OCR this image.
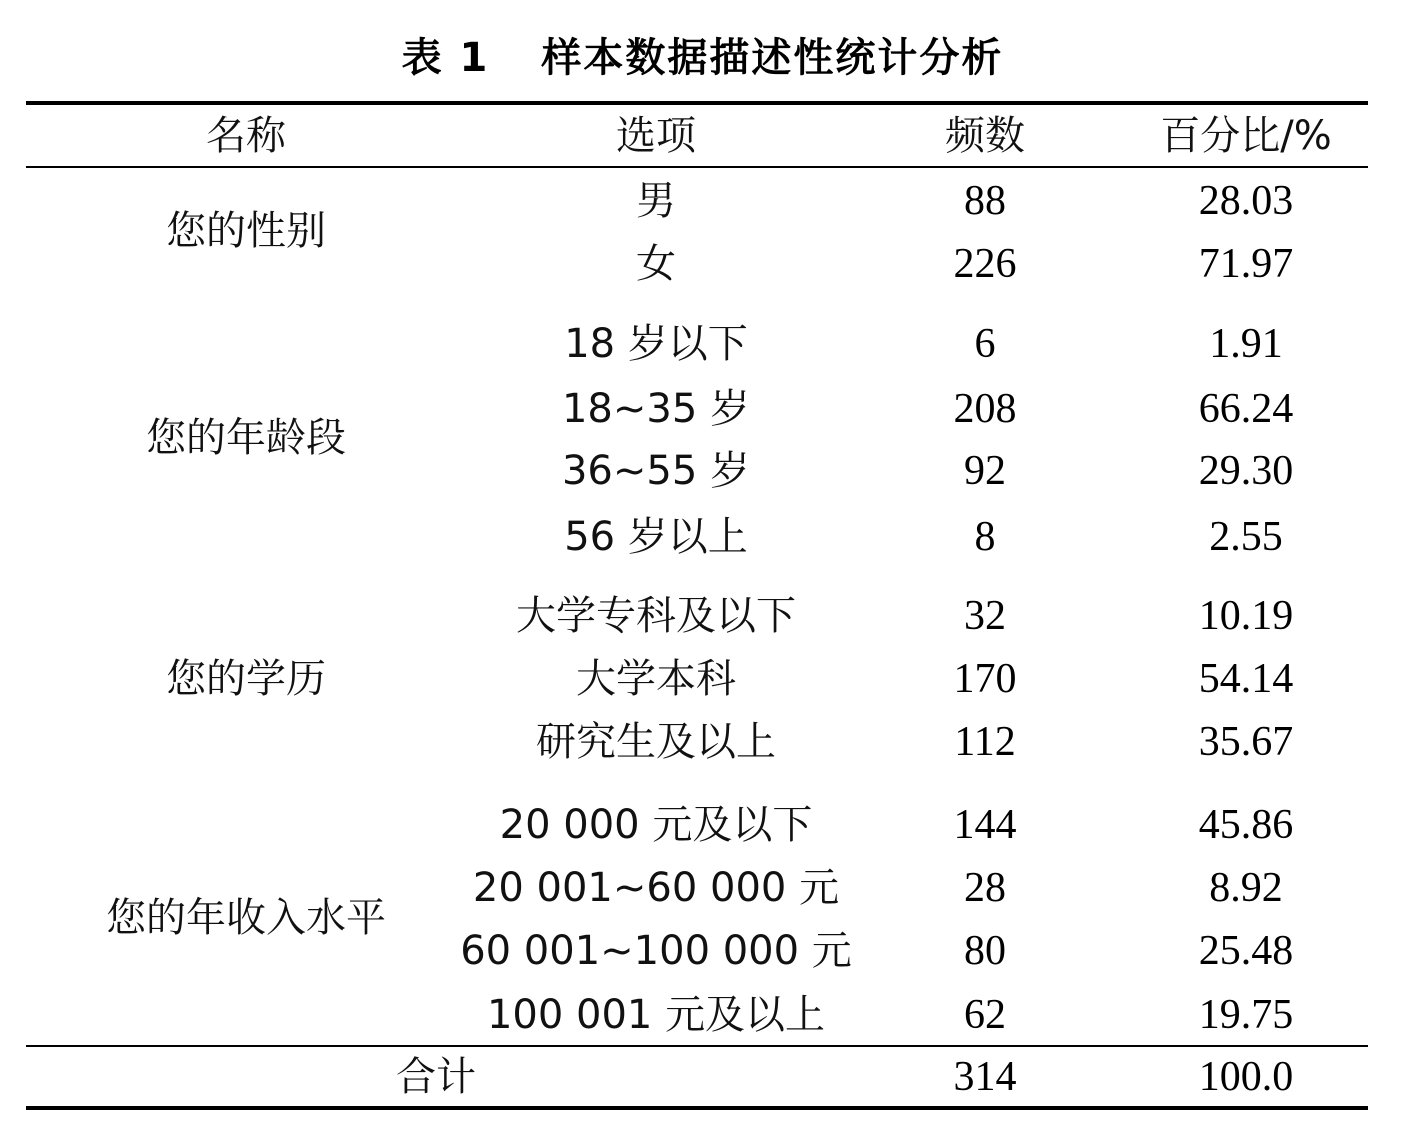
表 1 样本数据描述性统计分析
名称	选项	频数	百分比/%
您的性别
男	88	28.03
女	226	71.97
您的年龄段
18 岁以下	6	1.91
18~35 岁	208	66.24
36~55 岁	92	29.30
56 岁以上	8	2.55
您的学历
大学专科及以下	32	10.19
大学本科	170	54.14
研究生及以上	112	35.67
您的年收入水平
20 000 元及以下	144	45.86
20 001~60 000 元	28	8.92
60 001~100 000 元	80	25.48
100 001 元及以上	62	19.75
合计	314	100.0
